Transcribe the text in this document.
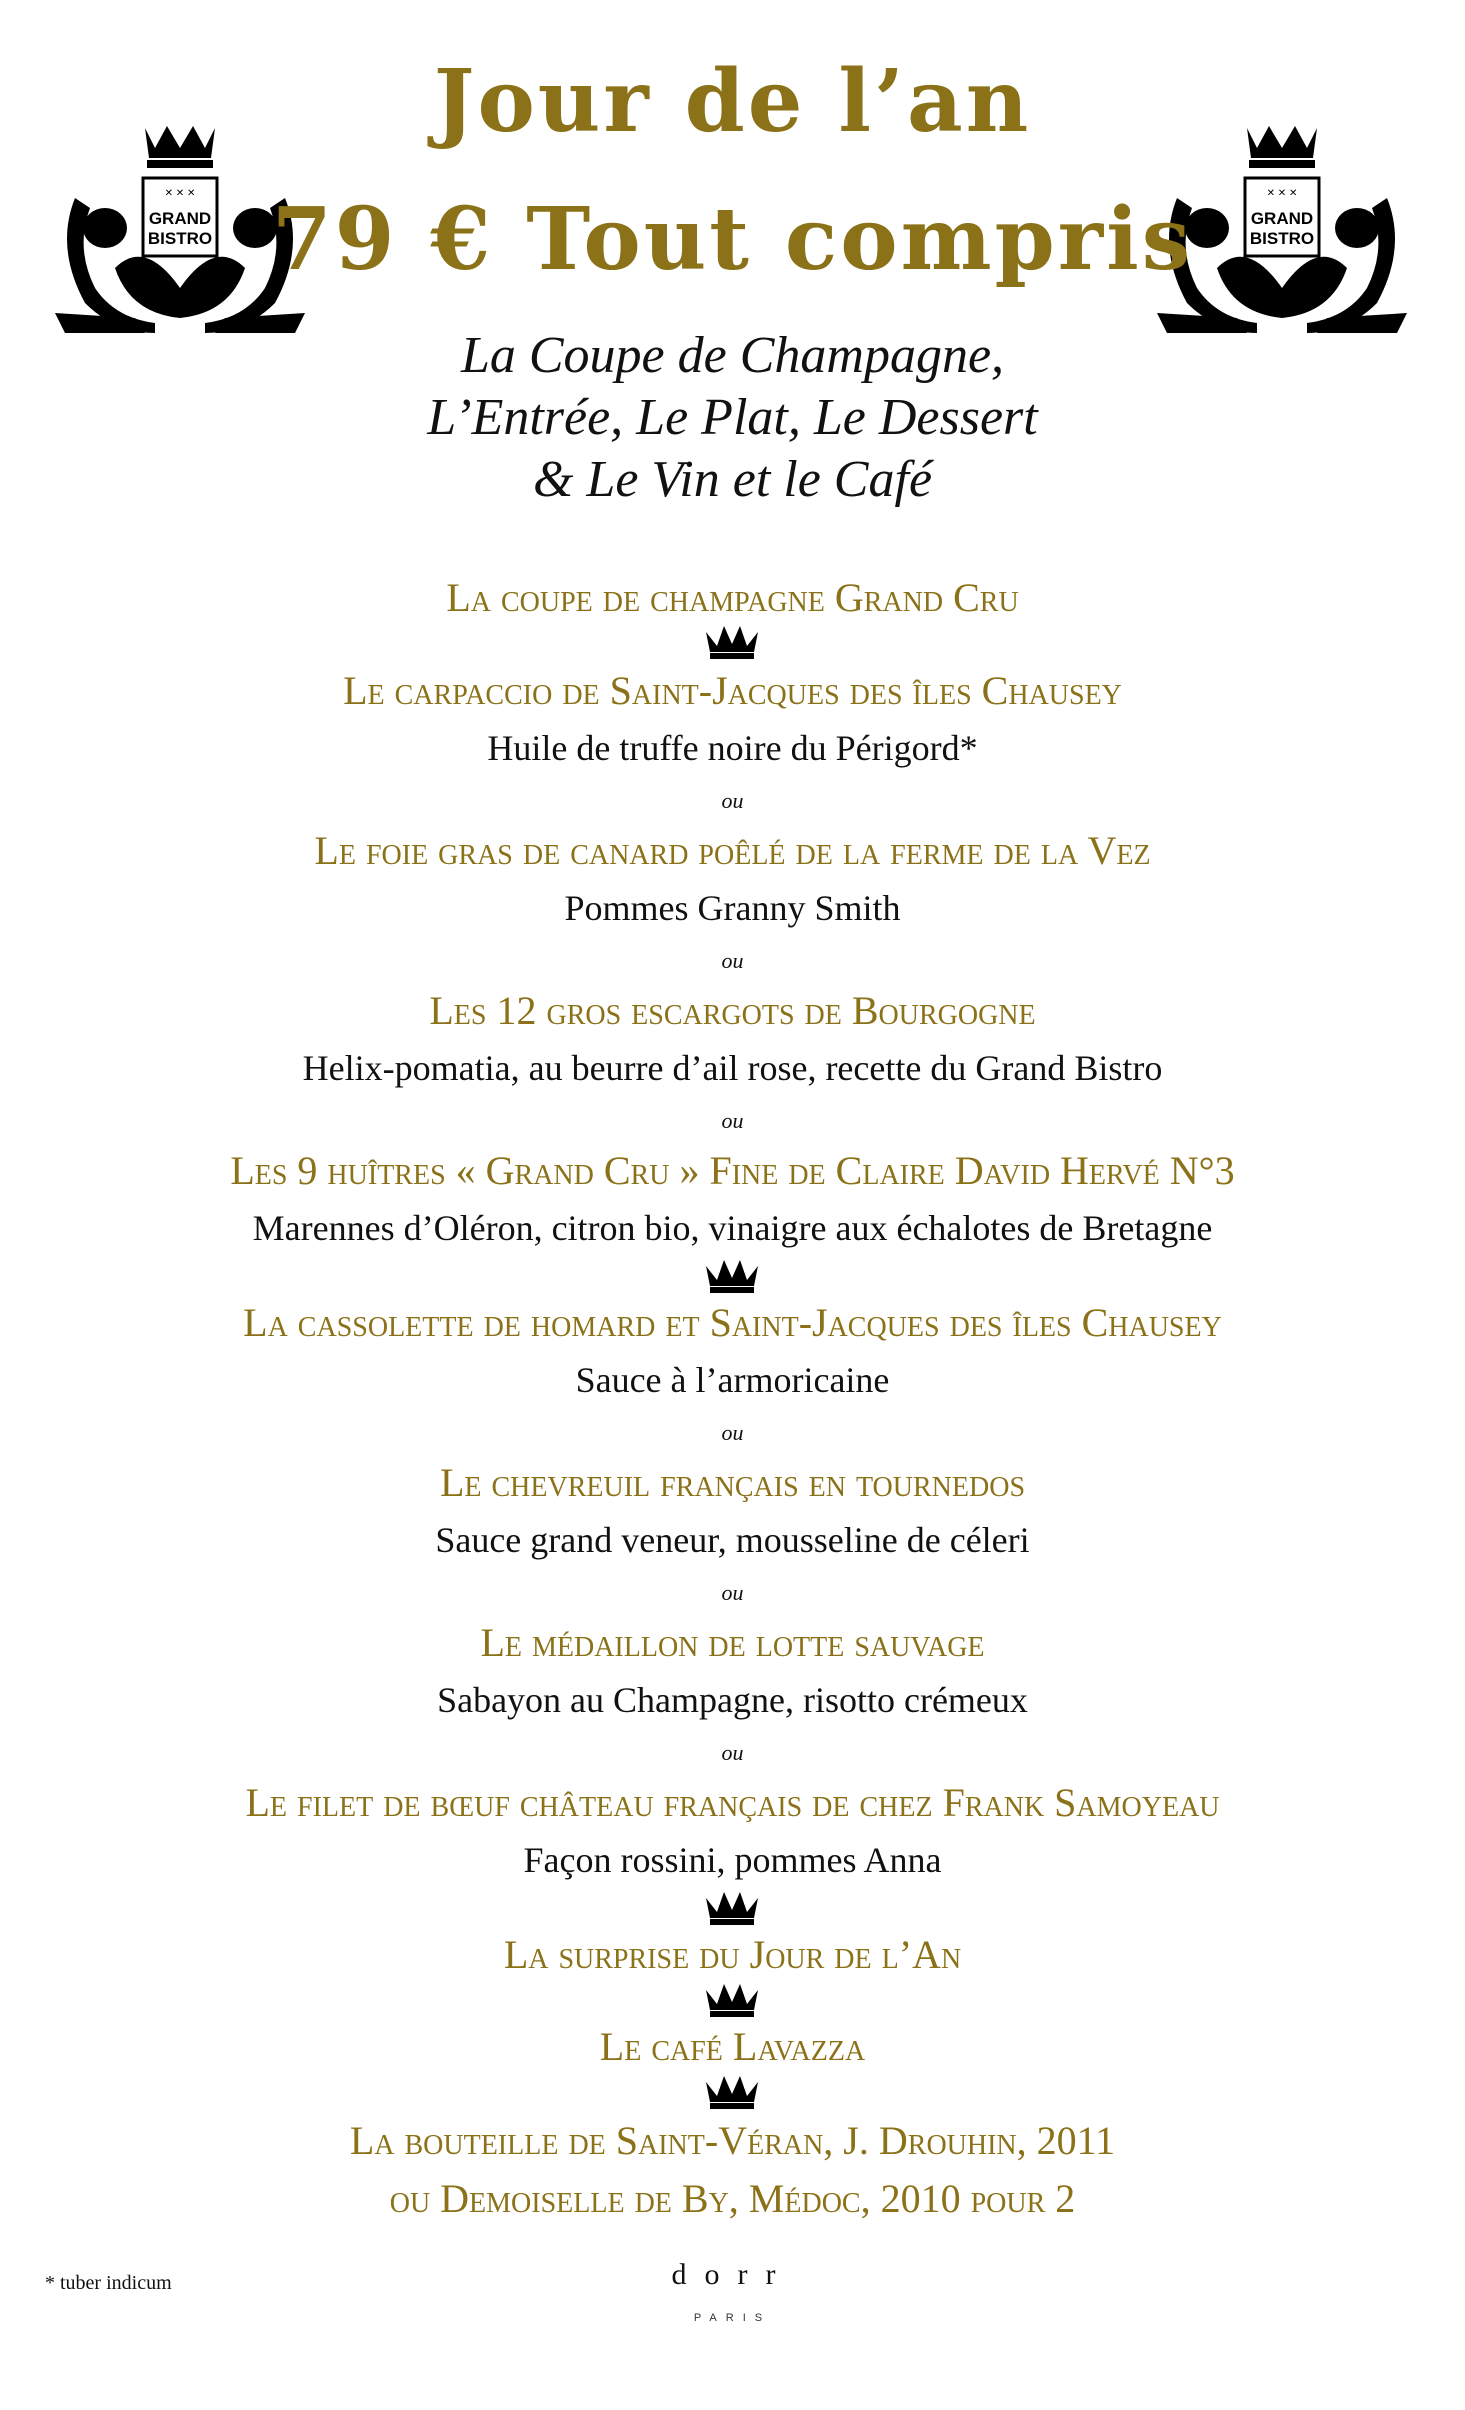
✕ ✕ ✕
GRAND
BISTRO
✕ ✕ ✕
GRAND
BISTRO
Jour de l’an
79 € Tout compris
La Coupe de Champagne,
L’Entrée, Le Plat, Le Dessert
& Le Vin et le Café
La coupe de champagne Grand Cru
Le carpaccio de Saint-Jacques des îles Chausey
Huile de truffe noire du Périgord*
ou
Le foie gras de canard poêlé de la ferme de la Vez
Pommes Granny Smith
ou
Les 12 gros escargots de Bourgogne
Helix-pomatia, au beurre d’ail rose, recette du Grand Bistro
ou
Les 9 huîtres « Grand Cru » Fine de Claire David Hervé N°3
Marennes d’Oléron, citron bio, vinaigre aux échalotes de Bretagne
La cassolette de homard et Saint-Jacques des îles Chausey
Sauce à l’armoricaine
ou
Le chevreuil français en tournedos
Sauce grand veneur, mousseline de céleri
ou
Le médaillon de lotte sauvage
Sabayon au Champagne, risotto crémeux
ou
Le filet de bœuf château français de chez Frank Samoyeau
Façon rossini, pommes Anna
La surprise du Jour de l’An
Le café Lavazza
La bouteille de Saint-Véran, J. Drouhin, 2011
ou Demoiselle de By, Médoc, 2010 pour 2
* tuber indicum	dorr
PARIS
